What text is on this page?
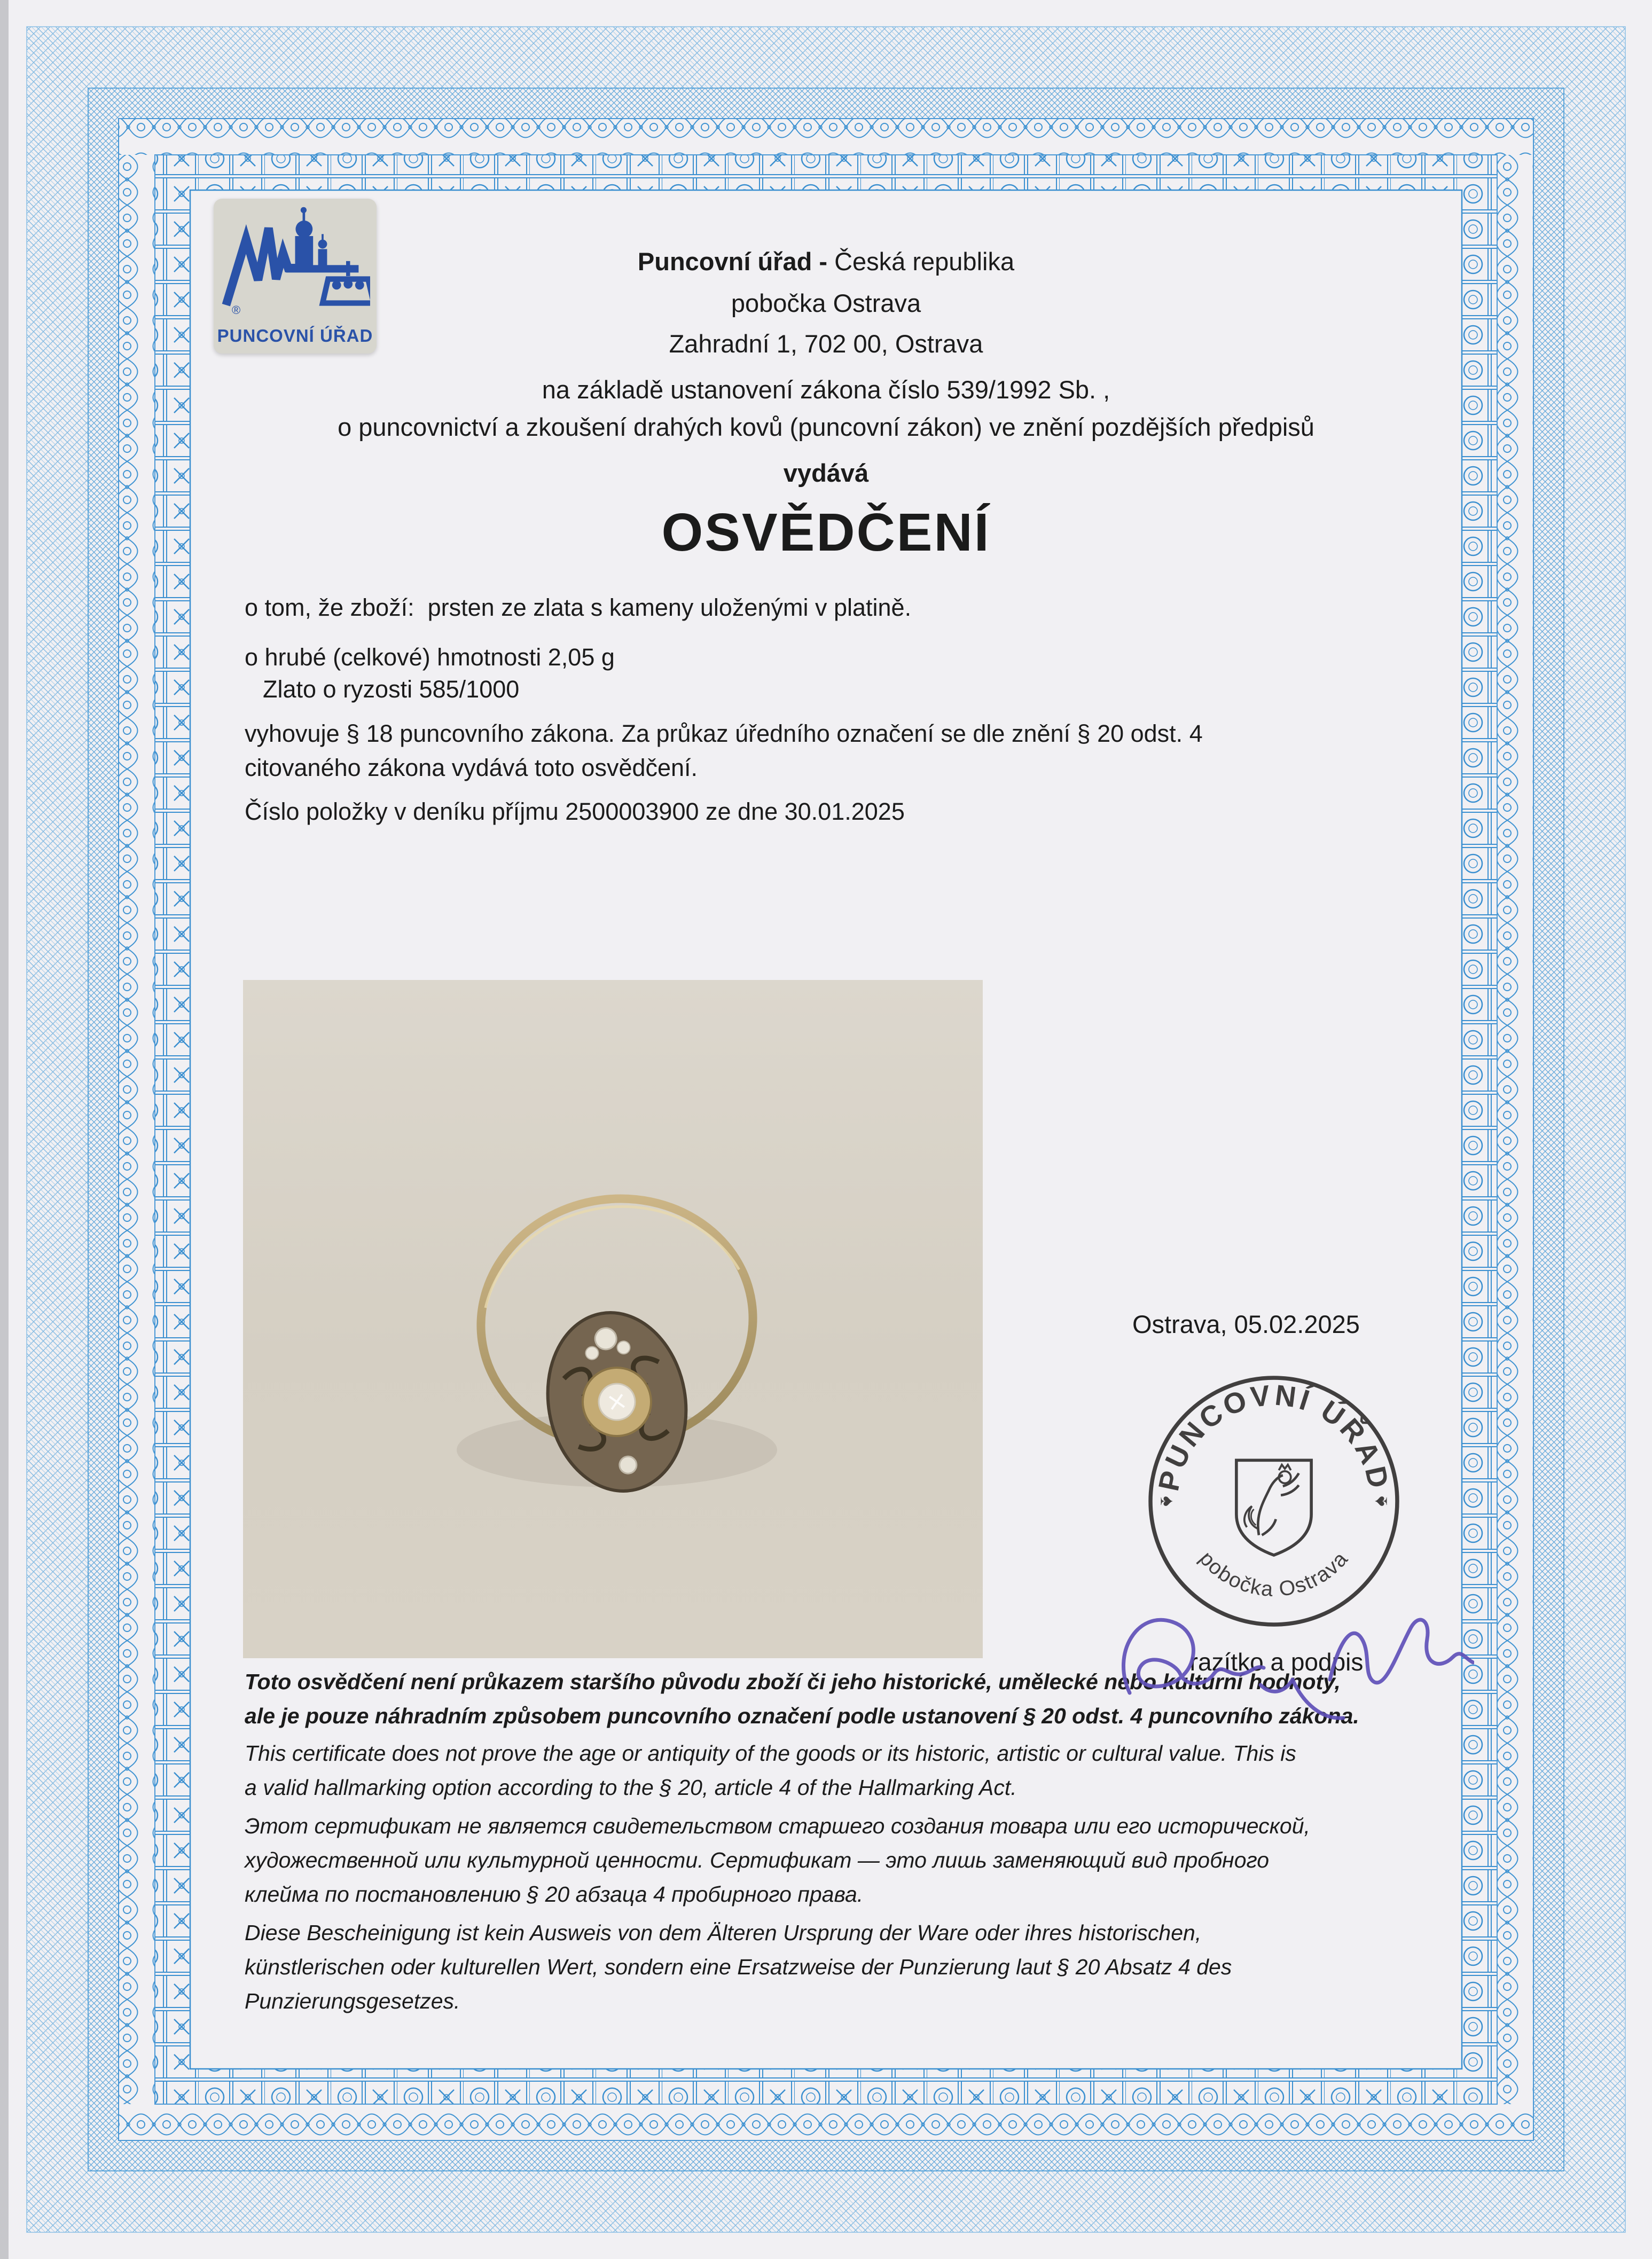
®
PUNCOVNÍ ÚŘAD
Puncovní úřad - Česká republika
pobočka Ostrava
Zahradní 1, 702 00, Ostrava
na základě ustanovení zákona číslo 539/1992 Sb. ,
o puncovnictví a zkoušení drahých kovů (puncovní zákon) ve znění pozdějších předpisů
vydává
OSVĚDČENÍ
o tom, že zboží:  prsten ze zlata s kameny uloženými v platině.
o hrubé (celkové) hmotnosti 2,05 g
Zlato o ryzosti 585/1000
vyhovuje § 18 puncovního zákona. Za průkaz úředního označení se dle znění § 20 odst. 4
citovaného zákona vydává toto osvědčení.
Číslo položky v deníku příjmu 2500003900 ze dne 30.01.2025
Ostrava, 05.02.2025
PUNCOVNÍ ÚŘAD
pobočka Ostrava
♠	♠
razítko a podpis
Toto osvědčení není průkazem staršího původu zboží či jeho historické, umělecké nebo kulturní hodnoty,
ale je pouze náhradním způsobem puncovního označení podle ustanovení § 20 odst. 4 puncovního zákona.
This certificate does not prove the age or antiquity of the goods or its historic, artistic or cultural value. This is
a valid hallmarking option according to the § 20, article 4 of the Hallmarking Act.
Этот сертификат не является свидетельством старшего создания товара или его исторической,
художественной или культурной ценности. Сертификат — это лишь заменяющий вид пробного
клейма по постановлению § 20 абзаца 4 пробирного права.
Diese Bescheinigung ist kein Ausweis von dem Älteren Ursprung der Ware oder ihres historischen,
künstlerischen oder kulturellen Wert, sondern eine Ersatzweise der Punzierung laut § 20 Absatz 4 des
Punzierungsgesetzes.
